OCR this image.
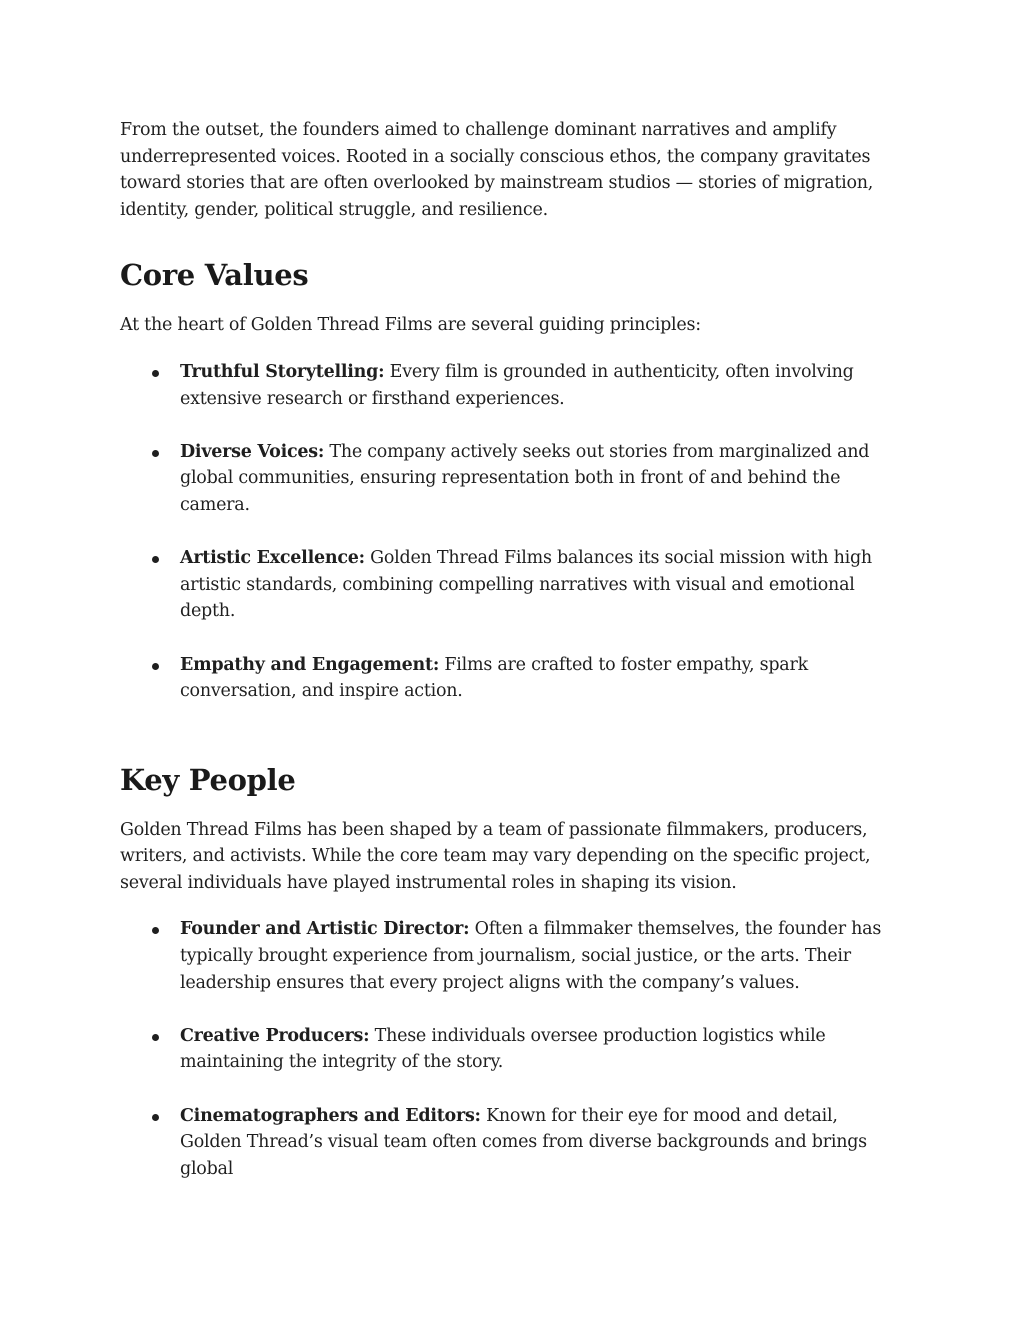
From the outset, the founders aimed to challenge dominant narratives and amplify underrepresented voices. Rooted in a socially conscious ethos, the company gravitates toward stories that are often overlooked by mainstream studios — stories of migration, identity, gender, political struggle, and resilience.

Core Values

At the heart of Golden Thread Films are several guiding principles:

Truthful Storytelling: Every film is grounded in authenticity, often involving extensive research or firsthand experiences.
Diverse Voices: The company actively seeks out stories from marginalized and global communities, ensuring representation both in front of and behind the camera.
Artistic Excellence: Golden Thread Films balances its social mission with high artistic standards, combining compelling narratives with visual and emotional depth.
Empathy and Engagement: Films are crafted to foster empathy, spark conversation, and inspire action.
Key People

Golden Thread Films has been shaped by a team of passionate filmmakers, producers, writers, and activists. While the core team may vary depending on the specific project, several individuals have played instrumental roles in shaping its vision.

Founder and Artistic Director: Often a filmmaker themselves, the founder has typically brought experience from journalism, social justice, or the arts. Their leadership ensures that every project aligns with the company’s values.
Creative Producers: These individuals oversee production logistics while maintaining the integrity of the story.
Cinematographers and Editors: Known for their eye for mood and detail, Golden Thread’s visual team often comes from diverse backgrounds and brings global
